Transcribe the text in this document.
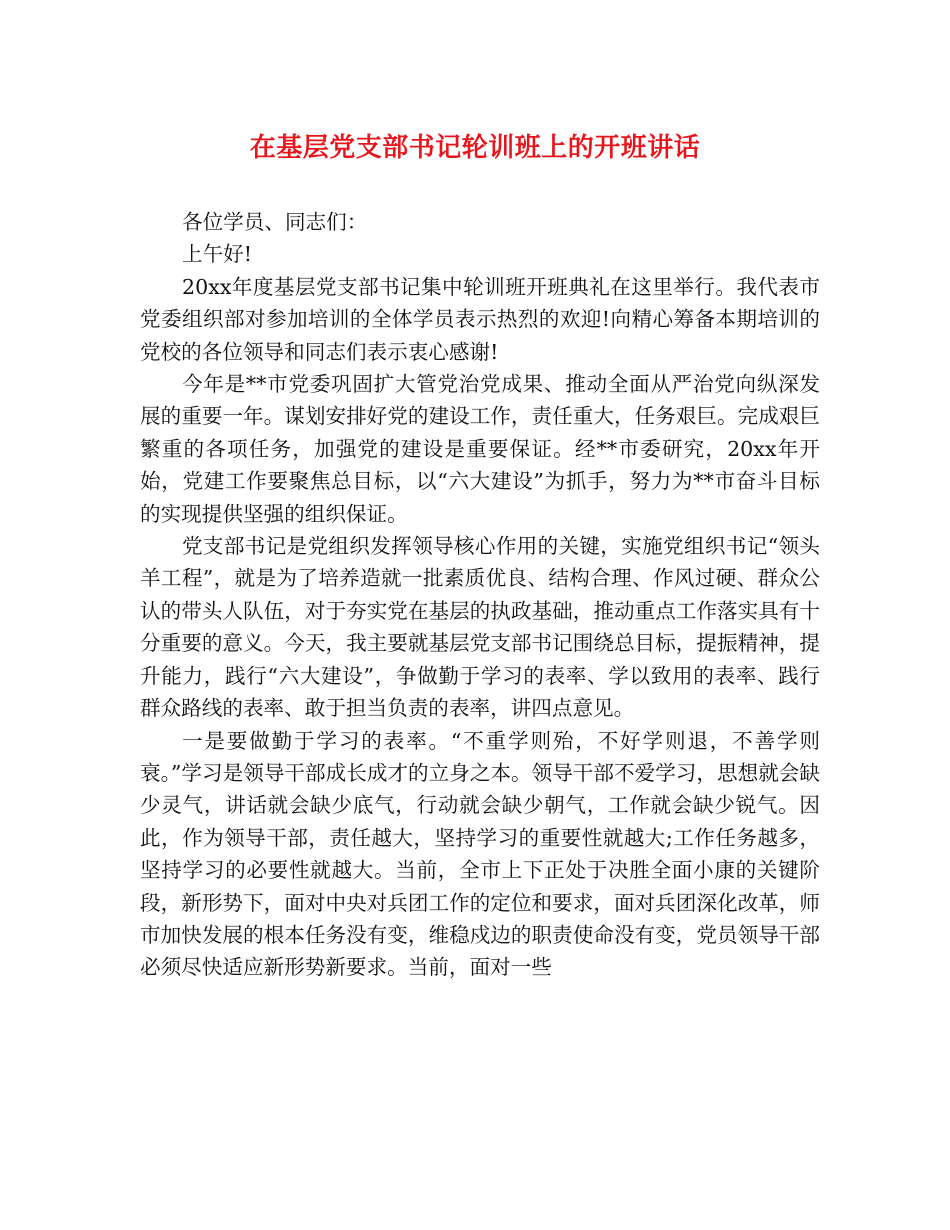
在基层党支部书记轮训班上的开班讲话

各位学员、同志们：

上午好!

20xx年度基层党支部书记集中轮训班开班典礼在这里举行。我代表市党委组织部对参加培训的全体学员表示热烈的欢迎!向精心筹备本期培训的党校的各位领导和同志们表示衷心感谢!

今年是**市党委巩固扩大管党治党成果、推动全面从严治党向纵深发展的重要一年。谋划安排好党的建设工作，责任重大，任务艰巨。完成艰巨繁重的各项任务，加强党的建设是重要保证。经**市委研究，20xx年开始，党建工作要聚焦总目标，以“六大建设”为抓手，努力为**市奋斗目标的实现提供坚强的组织保证。

党支部书记是党组织发挥领导核心作用的关键，实施党组织书记“领头羊工程”，就是为了培养造就一批素质优良、结构合理、作风过硬、群众公认的带头人队伍，对于夯实党在基层的执政基础，推动重点工作落实具有十分重要的意义。今天，我主要就基层党支部书记围绕总目标，提振精神，提升能力，践行“六大建设”，争做勤于学习的表率、学以致用的表率、践行群众路线的表率、敢于担当负责的表率，讲四点意见。

一是要做勤于学习的表率。“不重学则殆，不好学则退，不善学则衰。”学习是领导干部成长成才的立身之本。领导干部不爱学习，思想就会缺少灵气，讲话就会缺少底气，行动就会缺少朝气，工作就会缺少锐气。因此，作为领导干部，责任越大，坚持学习的重要性就越大;工作任务越多，坚持学习的必要性就越大。当前，全市上下正处于决胜全面小康的关键阶段，新形势下，面对中央对兵团工作的定位和要求，面对兵团深化改革，师市加快发展的根本任务没有变，维稳戍边的职责使命没有变，党员领导干部必须尽快适应新形势新要求。当前，面对一些
